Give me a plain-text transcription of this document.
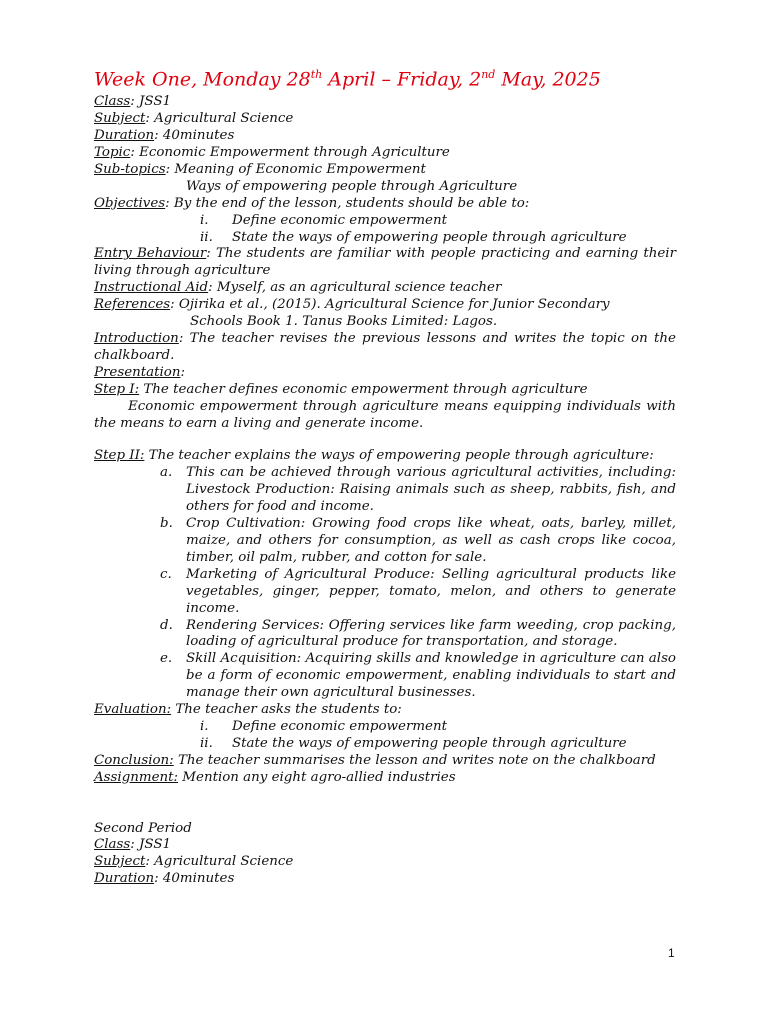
Week One, Monday 28th April – Friday, 2nd May, 2025

Class: JSS1

Subject: Agricultural Science

Duration: 40minutes

Topic: Economic Empowerment through Agriculture

Sub-topics: Meaning of Economic Empowerment

Ways of empowering people through Agriculture

Objectives: By the end of the lesson, students should be able to:

i.	Define economic empowerment
ii.	State the ways of empowering people through agriculture

Entry Behaviour: The students are familiar with people practicing and earning their living through agriculture

Instructional Aid: Myself, as an agricultural science teacher

References: Ojirika et al., (2015). Agricultural Science for Junior Secondary

Schools Book 1. Tanus Books Limited: Lagos.

Introduction: The teacher revises the previous lessons and writes the topic on the chalkboard.

Presentation:

Step I: The teacher defines economic empowerment through agriculture

Economic empowerment through agriculture means equipping individuals with the means to earn a living and generate income.

Step II: The teacher explains the ways of empowering people through agriculture:

a.	This can be achieved through various agricultural activities, including: Livestock Production: Raising animals such as sheep, rabbits, fish, and others for food and income.
b. Crop Cultivation: Growing food crops like wheat, oats, barley, millet, maize, and others for consumption, as well as cash crops like cocoa, timber, oil palm, rubber, and cotton for sale.
c.	Marketing of Agricultural Produce: Selling agricultural products like vegetables, ginger, pepper, tomato, melon, and others to generate income.
d. Rendering Services: Offering services like farm weeding, crop packing, loading of agricultural produce for transportation, and storage.
e.	Skill Acquisition: Acquiring skills and knowledge in agriculture can also be a form of economic empowerment, enabling individuals to start and manage their own agricultural businesses.

Evaluation: The teacher asks the students to:

i.	Define economic empowerment
ii.	State the ways of empowering people through agriculture

Conclusion: The teacher summarises the lesson and writes note on the chalkboard

Assignment: Mention any eight agro-allied industries

Second Period

Class: JSS1

Subject: Agricultural Science

Duration: 40minutes

1
